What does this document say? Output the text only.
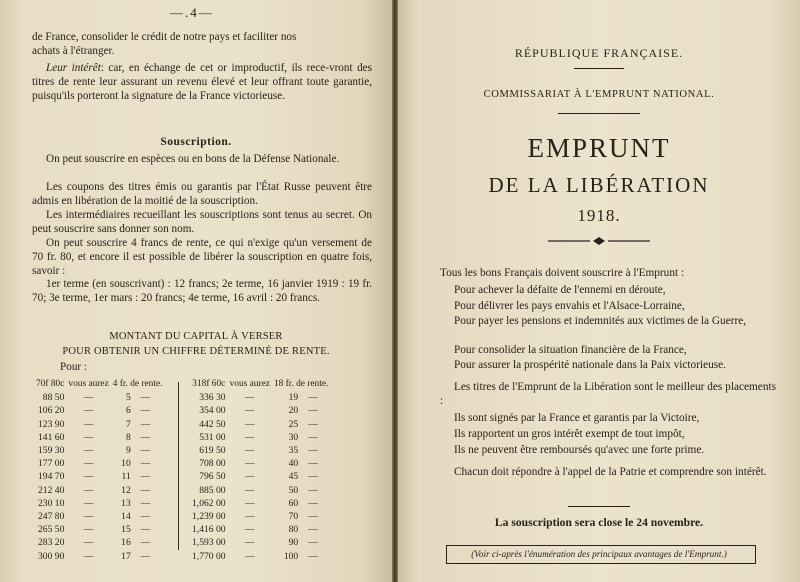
—.4—
de France, consolider le crédit de notre pays et faciliter nos
achats à l'étranger.
Leur intérêt: car, en échange de cet or improductif, ils rece-vront des titres de rente leur assurant un revenu élevé et leur offrant toute garantie, puisqu'ils porteront la signature de la France victorieuse.
Souscription.
On peut souscrire en espèces ou en bons de la Défense Nationale.
Les coupons des titres émis ou garantis par l'État Russe peuvent être admis en libération de la moitié de la souscription.
Les intermédiaires recueillant les souscriptions sont tenus au secret. On peut souscrire sans donner son nom.
On peut souscrire 4 francs de rente, ce qui n'exige qu'un versement de 70 fr. 80, et encore il est possible de libérer la souscription en quatre fois, savoir :
1er terme (en souscrivant) : 12 francs; 2e terme, 16 janvier 1919 : 19 fr. 70; 3e terme, 1er mars : 20 francs; 4e terme, 16 avril : 20 francs.
MONTANT DU CAPITAL À VERSER
POUR OBTENIR UN CHIFFRE DÉTERMINÉ DE RENTE.
Pour :
70f 80c	vous aurez	4 fr. de rente.	
88 50	—	5	—
106 20	—	6	—
123 90	—	7	—
141 60	—	8	—
159 30	—	9	—
177 00	—	10	—
194 70	—	11	—
212 40	—	12	—
230 10	—	13	—
247 80	—	14	—
265 50	—	15	—
283 20	—	16	—
300 90	—	17	—
318f 60c	vous aurez	18 fr. de rente.	
336 30	—	19	—
354 00	—	20	—
442 50	—	25	—
531 00	—	30	—
619 50	—	35	—
708 00	—	40	—
796 50	—	45	—
885 00	—	50	—
1,062 00	—	60	—
1,239 00	—	70	—
1,416 00	—	80	—
1,593 00	—	90	—
1,770 00	—	100	—
RÉPUBLIQUE FRANÇAISE.
COMMISSARIAT À L'EMPRUNT NATIONAL.
EMPRUNT
DE LA LIBÉRATION
1918.
Tous les bons Français doivent souscrire à l'Emprunt :
Pour achever la défaite de l'ennemi en déroute,
Pour délivrer les pays envahis et l'Alsace-Lorraine,
Pour payer les pensions et indemnités aux victimes de la Guerre,
Pour consolider la situation financière de la France,
Pour assurer la prospérité nationale dans la Paix victorieuse.
Les titres de l'Emprunt de la Libération sont le meilleur des placements :
Ils sont signés par la France et garantis par la Victoire,
Ils rapportent un gros intérêt exempt de tout impôt,
Ils ne peuvent être remboursés qu'avec une forte prime.
Chacun doit répondre à l'appel de la Patrie et comprendre son intérêt.
La souscription sera close le 24 novembre.
(Voir ci-après l'énumération des principaux avantages de l'Emprunt.)
